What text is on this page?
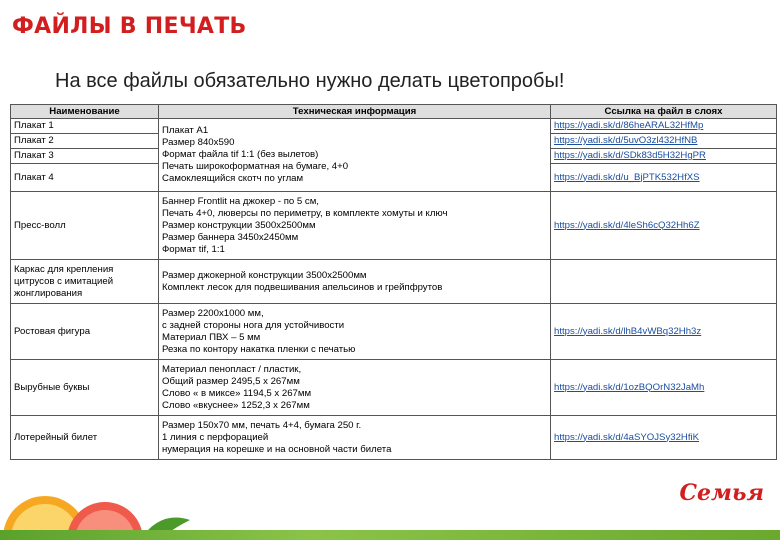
ФАЙЛЫ В ПЕЧАТЬ
На все файлы обязательно нужно делать цветопробы!
Наименование	Техническая информация	Ссылка на файл в слоях
Плакат 1	Плакат А1
Размер 840х590
Формат файла tif 1:1 (без вылетов)
Печать широкоформатная на бумаге, 4+0
Самоклеящийся скотч по углам	https://yadi.sk/d/86heARAL32HfMp
Плакат 2		https://yadi.sk/d/5uvO3zl432HfNB
Плакат 3		https://yadi.sk/d/SDk83d5H32HgPR
Плакат 4		https://yadi.sk/d/u_BjPTK532HfXS
Пресс-волл	Баннер Frontlit на джокер - по 5 см,
Печать 4+0, люверсы по периметру, в комплекте хомуты и ключ
Размер конструкции 3500х2500мм
Размер баннера 3450х2450мм
Формат tif, 1:1	https://yadi.sk/d/4leSh6cQ32Hh6Z
Каркас для крепления цитрусов с имитацией жонглирования	Размер джокерной конструкции 3500х2500мм
Комплект лесок для подвешивания апельсинов и грейпфрутов	

Ростовая фигура	Размер 2200х1000 мм,
с задней стороны нога для устойчивости
Материал ПВХ – 5 мм
Резка по контору накатка пленки с печатью	https://yadi.sk/d/lhB4vWBq32Hh3z
Вырубные буквы	Материал пенопласт / пластик,
Общий размер 2495,5 х 267мм
Слово « в миксе» 1194,5 х 267мм
Слово «вкуснее» 1252,3 х 267мм	https://yadi.sk/d/1ozBQOrN32JaMh
Лотерейный билет	Размер 150х70 мм, печать 4+4, бумага 250 г.
1 линия с перфорацией
нумерация на корешке и на основной части билета	https://yadi.sk/d/4aSYOJSy32HfiK
Семья
